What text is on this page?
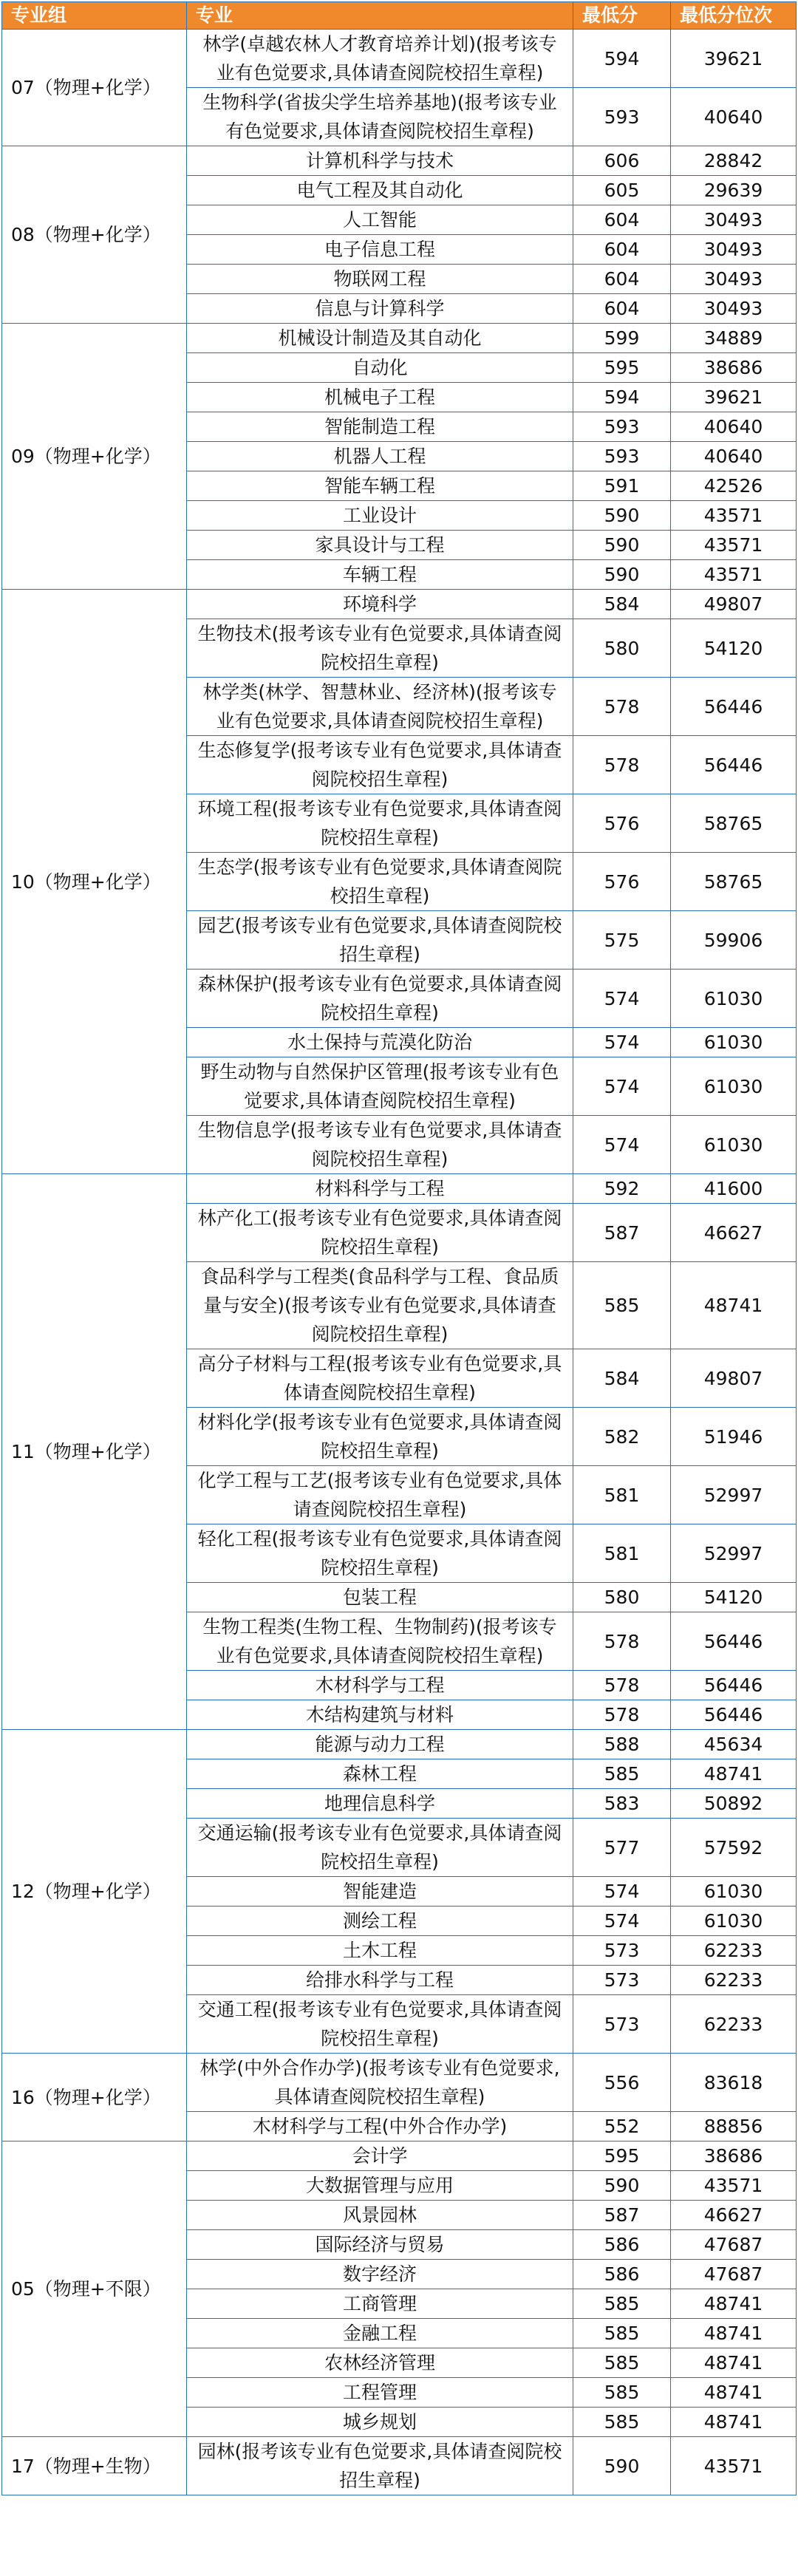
专业组	专业	最低分	最低分位次
07（物理+化学）	林学(卓越农林人才教育培养计划)(报考该专业有色觉要求,具体请查阅院校招生章程)	594	39621
	生物科学(省拔尖学生培养基地)(报考该专业有色觉要求,具体请查阅院校招生章程)	593	40640
08（物理+化学）	计算机科学与技术	606	28842
	电气工程及其自动化	605	29639
	人工智能	604	30493
	电子信息工程	604	30493
	物联网工程	604	30493
	信息与计算科学	604	30493
09（物理+化学）	机械设计制造及其自动化	599	34889
	自动化	595	38686
	机械电子工程	594	39621
	智能制造工程	593	40640
	机器人工程	593	40640
	智能车辆工程	591	42526
	工业设计	590	43571
	家具设计与工程	590	43571
	车辆工程	590	43571
10（物理+化学）	环境科学	584	49807
	生物技术(报考该专业有色觉要求,具体请查阅院校招生章程)	580	54120
	林学类(林学、智慧林业、经济林)(报考该专业有色觉要求,具体请查阅院校招生章程)	578	56446
	生态修复学(报考该专业有色觉要求,具体请查阅院校招生章程)	578	56446
	环境工程(报考该专业有色觉要求,具体请查阅院校招生章程)	576	58765
	生态学(报考该专业有色觉要求,具体请查阅院校招生章程)	576	58765
	园艺(报考该专业有色觉要求,具体请查阅院校招生章程)	575	59906
	森林保护(报考该专业有色觉要求,具体请查阅院校招生章程)	574	61030
	水土保持与荒漠化防治	574	61030
	野生动物与自然保护区管理(报考该专业有色觉要求,具体请查阅院校招生章程)	574	61030
	生物信息学(报考该专业有色觉要求,具体请查阅院校招生章程)	574	61030
11（物理+化学）	材料科学与工程	592	41600
	林产化工(报考该专业有色觉要求,具体请查阅院校招生章程)	587	46627
	食品科学与工程类(食品科学与工程、食品质量与安全)(报考该专业有色觉要求,具体请查阅院校招生章程)	585	48741
	高分子材料与工程(报考该专业有色觉要求,具体请查阅院校招生章程)	584	49807
	材料化学(报考该专业有色觉要求,具体请查阅院校招生章程)	582	51946
	化学工程与工艺(报考该专业有色觉要求,具体请查阅院校招生章程)	581	52997
	轻化工程(报考该专业有色觉要求,具体请查阅院校招生章程)	581	52997
	包装工程	580	54120
	生物工程类(生物工程、生物制药)(报考该专业有色觉要求,具体请查阅院校招生章程)	578	56446
	木材科学与工程	578	56446
	木结构建筑与材料	578	56446
12（物理+化学）	能源与动力工程	588	45634
	森林工程	585	48741
	地理信息科学	583	50892
	交通运输(报考该专业有色觉要求,具体请查阅院校招生章程)	577	57592
	智能建造	574	61030
	测绘工程	574	61030
	土木工程	573	62233
	给排水科学与工程	573	62233
	交通工程(报考该专业有色觉要求,具体请查阅院校招生章程)	573	62233
16（物理+化学）	林学(中外合作办学)(报考该专业有色觉要求,具体请查阅院校招生章程)	556	83618
	木材科学与工程(中外合作办学)	552	88856
05（物理+不限）	会计学	595	38686
	大数据管理与应用	590	43571
	风景园林	587	46627
	国际经济与贸易	586	47687
	数字经济	586	47687
	工商管理	585	48741
	金融工程	585	48741
	农林经济管理	585	48741
	工程管理	585	48741
	城乡规划	585	48741
17（物理+生物）	园林(报考该专业有色觉要求,具体请查阅院校招生章程)	590	43571
